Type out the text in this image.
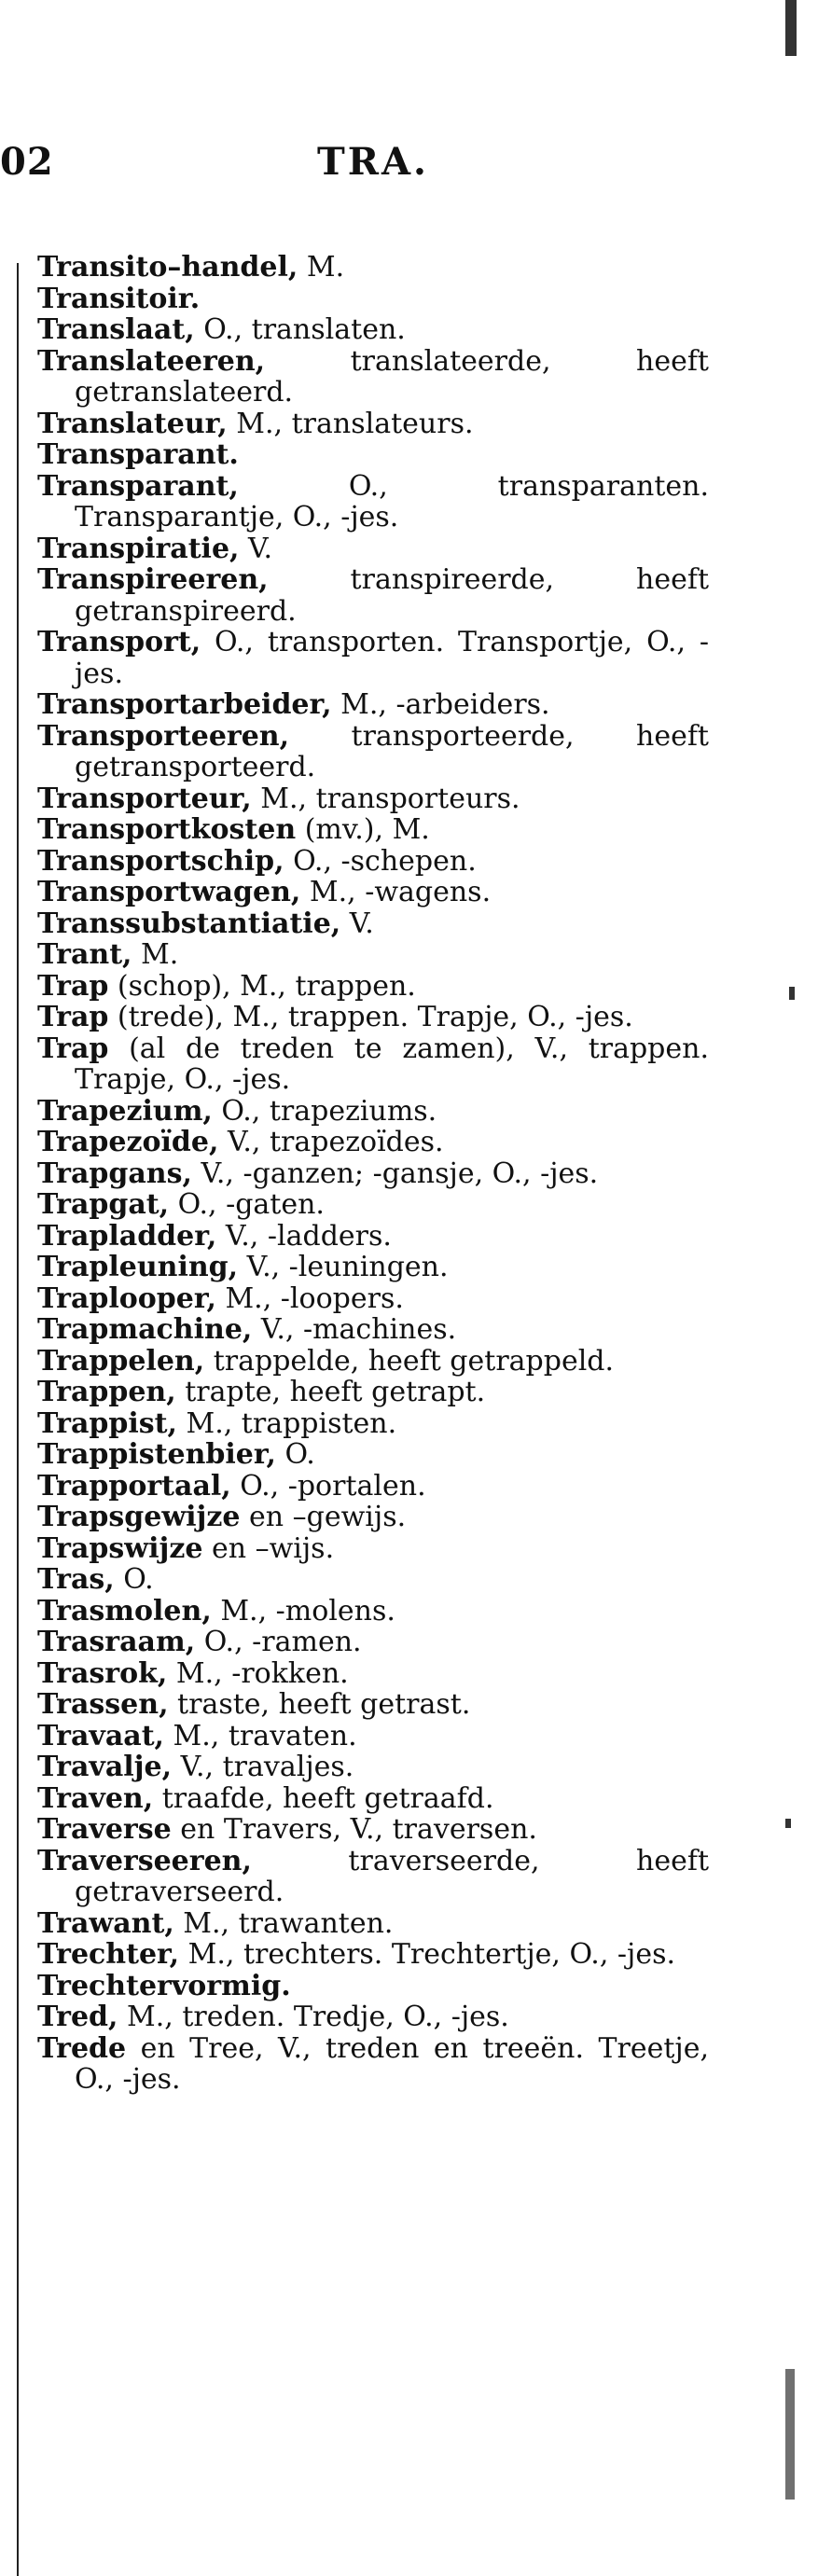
02	TRA.

Transito–handel, M.

Transitoir.

Translaat, O., translaten.

Translateeren, translateerde, heeft getranslateerd.

Translateur, M., translateurs.

Transparant.

Transparant, O., transparanten. Transparantje, O., -jes.

Transpiratie, V.

Transpireeren, transpireerde, heeft getranspireerd.

Transport, O., transporten. Transportje, O., -jes.

Transportarbeider, M., -arbeiders.

Transporteeren, transporteerde, heeft getransporteerd.

Transporteur, M., transporteurs.

Transportkosten (mv.), M.

Transportschip, O., -schepen.

Transportwagen, M., -wagens.

Transsubstantiatie, V.

Trant, M.

Trap (schop), M., trappen.

Trap (trede), M., trappen. Trapje, O., -jes.

Trap (al de treden te zamen), V., trappen. Trapje, O., -jes.

Trapezium, O., trapeziums.

Trapezoïde, V., trapezoïdes.

Trapgans, V., -ganzen; -gansje, O., -jes.

Trapgat, O., -gaten.

Trapladder, V., -ladders.

Trapleuning, V., -leuningen.

Traplooper, M., -loopers.

Trapmachine, V., -machines.

Trappelen, trappelde, heeft getrappeld.

Trappen, trapte, heeft getrapt.

Trappist, M., trappisten.

Trappistenbier, O.

Trapportaal, O., -portalen.

Trapsgewijze en –gewijs.

Trapswijze en –wijs.

Tras, O.

Trasmolen, M., -molens.

Trasraam, O., -ramen.

Trasrok, M., -rokken.

Trassen, traste, heeft getrast.

Travaat, M., travaten.

Travalje, V., travaljes.

Traven, traafde, heeft getraafd.

Traverse en Travers, V., traversen.

Traverseeren, traverseerde, heeft getraverseerd.

Trawant, M., trawanten.

Trechter, M., trechters. Trechtertje, O., -jes.

Trechtervormig.

Tred, M., treden. Tredje, O., -jes.

Trede en Tree, V., treden en treeën. Treetje, O., -jes.
